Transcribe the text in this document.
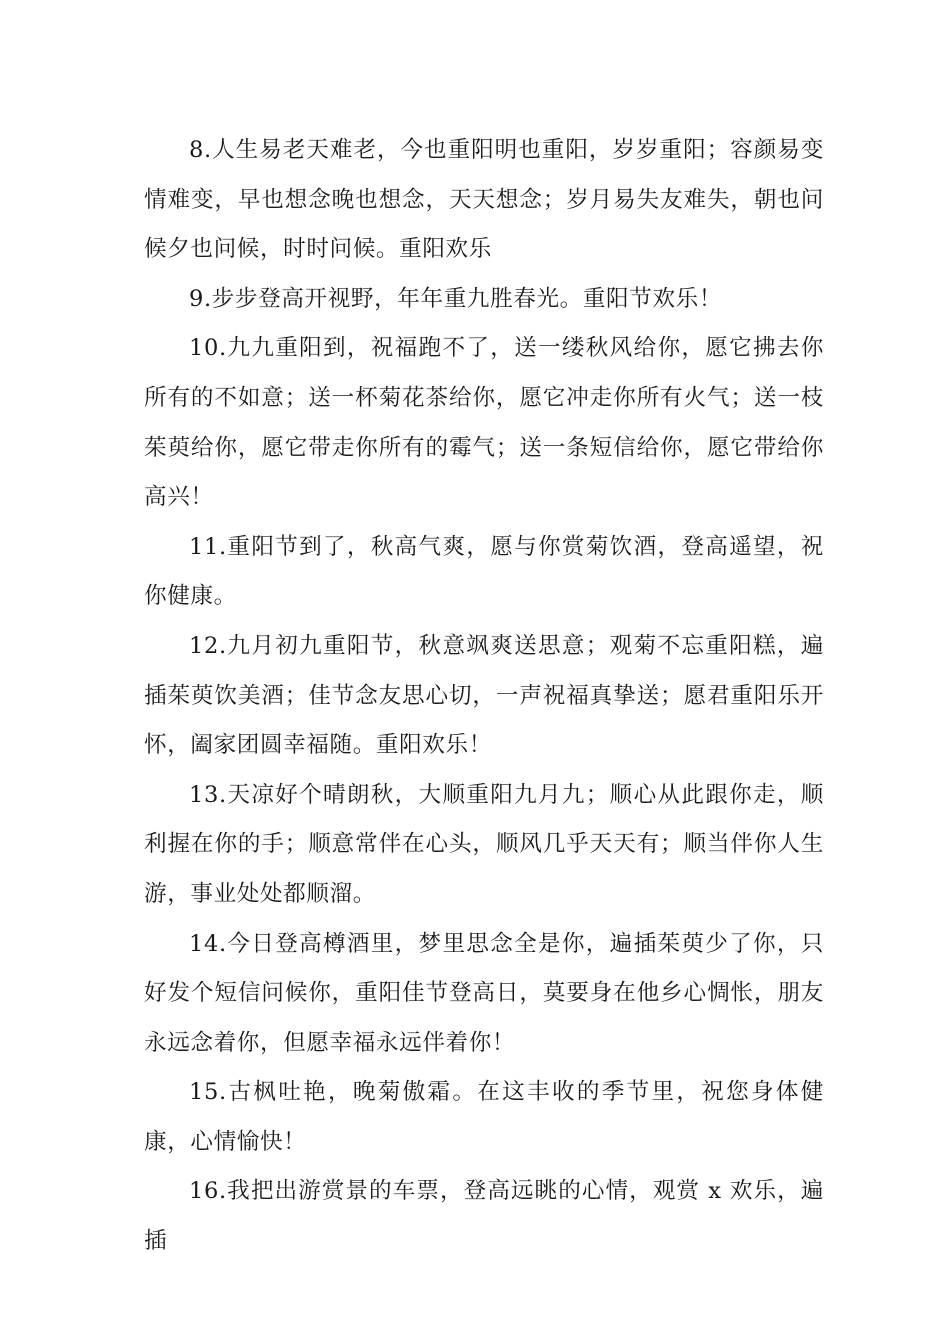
8.人生易老天难老，今也重阳明也重阳，岁岁重阳；容颜易变情难变，早也想念晚也想念，天天想念；岁月易失友难失，朝也问候夕也问候，时时问候。重阳欢乐

9.步步登高开视野，年年重九胜春光。重阳节欢乐！

10.九九重阳到，祝福跑不了，送一缕秋风给你，愿它拂去你所有的不如意；送一杯菊花茶给你，愿它冲走你所有火气；送一枝茱萸给你，愿它带走你所有的霉气；送一条短信给你，愿它带给你高兴！

11.重阳节到了，秋高气爽，愿与你赏菊饮酒，登高遥望，祝你健康。

12.九月初九重阳节，秋意飒爽送思意；观菊不忘重阳糕，遍插茱萸饮美酒；佳节念友思心切，一声祝福真挚送；愿君重阳乐开怀，阖家团圆幸福随。重阳欢乐！

13.天凉好个晴朗秋，大顺重阳九月九；顺心从此跟你走，顺利握在你的手；顺意常伴在心头，顺风几乎天天有；顺当伴你人生游，事业处处都顺溜。

14.今日登高樽酒里，梦里思念全是你，遍插茱萸少了你，只好发个短信问候你，重阳佳节登高日，莫要身在他乡心惆怅，朋友永远念着你，但愿幸福永远伴着你！

15.古枫吐艳，晚菊傲霜。在这丰收的季节里，祝您身体健康，心情愉快！

16.我把出游赏景的车票，登高远眺的心情，观赏 x 欢乐，遍插
